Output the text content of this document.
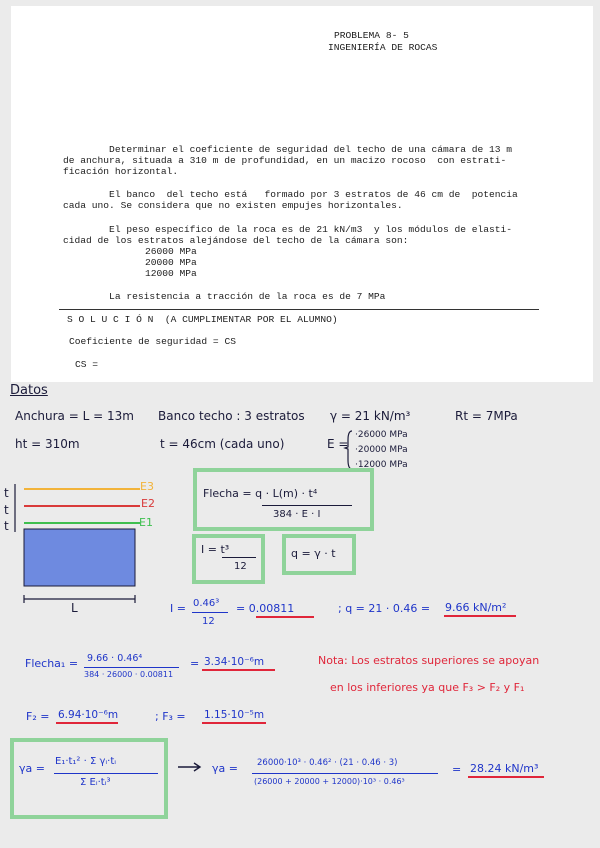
PROBLEMA 8- 5
INGENIERÍA DE ROCAS
Determinar el coeficiente de seguridad del techo de una cámara de 13 m
de anchura, situada a 310 m de profundidad, en un macizo rocoso  con estrati-
ficación horizontal.
El banco  del techo está   formado por 3 estratos de 46 cm de  potencia
cada uno. Se considera que no existen empujes horizontales.
El peso específico de la roca es de 21 kN/m3  y los módulos de elasti-
cidad de los estratos alejándose del techo de la cámara son:
26000 MPa
20000 MPa
12000 MPa
La resistencia a tracción de la roca es de 7 MPa
S O L U C I Ó N  (A CUMPLIMENTAR POR EL ALUMNO)
Coeficiente de seguridad = CS
CS =
Datos
Anchura = L = 13m Banco techo : 3 estratos γ = 21 kN/m³	Rt = 7MPa
ht = 310m	t = 46cm (cada uno)	E =
·26000 MPa
·20000 MPa
·12000 MPa
t
t
t
E3
E2
E1
L
Flecha = q · L(m) · t⁴
384 · E · I
I = t³
12
q = γ · t
I = 0.46³
12
= 0.00811	; q = 21 · 0.46 = 9.66 kN/m²
Flecha₁ = 9.66 · 0.46⁴
384 · 26000 · 0.00811
= 3.34·10⁻⁶m	Nota: Los estratos superiores se apoyan
en los inferiores ya que F₃ > F₂ y F₁
F₂ = 6.94·10⁻⁶m	; F₃ = 1.15·10⁻⁵m
γa =
E₁·t₁² · Σ γᵢ·tᵢ
Σ Eᵢ·tᵢ³
γa = 26000·10³ · 0.46² · (21 · 0.46 · 3)
(26000 + 20000 + 12000)·10³ · 0.46³
= 28.24 kN/m³
